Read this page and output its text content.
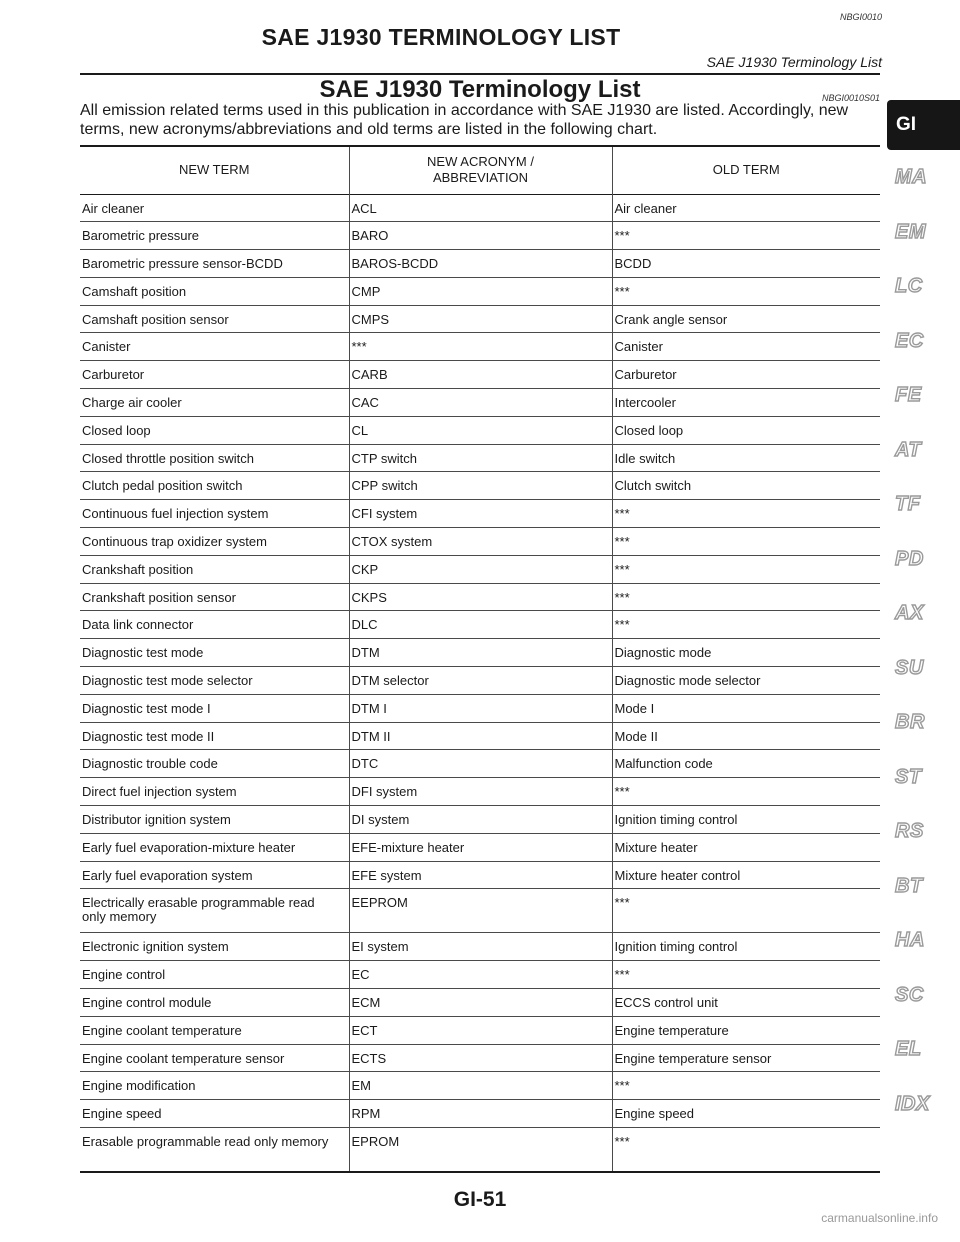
NBGI0010
SAE J1930 TERMINOLOGY LIST
SAE J1930 Terminology List
SAE J1930 Terminology List	NBGI0010S01
All emission related terms used in this publication in accordance with SAE J1930 are listed. Accordingly, new terms, new acronyms/abbreviations and old terms are listed in the following chart.
NEW TERM	NEW ACRONYM / ABBREVIATION	OLD TERM
Air cleaner	ACL	Air cleaner
Barometric pressure	BARO	***
Barometric pressure sensor-BCDD	BAROS-BCDD	BCDD
Camshaft position	CMP	***
Camshaft position sensor	CMPS	Crank angle sensor
Canister	***	Canister
Carburetor	CARB	Carburetor
Charge air cooler	CAC	Intercooler
Closed loop	CL	Closed loop
Closed throttle position switch	CTP switch	Idle switch
Clutch pedal position switch	CPP switch	Clutch switch
Continuous fuel injection system	CFI system	***
Continuous trap oxidizer system	CTOX system	***
Crankshaft position	CKP	***
Crankshaft position sensor	CKPS	***
Data link connector	DLC	***
Diagnostic test mode	DTM	Diagnostic mode
Diagnostic test mode selector	DTM selector	Diagnostic mode selector
Diagnostic test mode I	DTM I	Mode I
Diagnostic test mode II	DTM II	Mode II
Diagnostic trouble code	DTC	Malfunction code
Direct fuel injection system	DFI system	***
Distributor ignition system	DI system	Ignition timing control
Early fuel evaporation-mixture heater	EFE-mixture heater	Mixture heater
Early fuel evaporation system	EFE system	Mixture heater control
Electrically erasable programmable read only memory	EEPROM	***
Electronic ignition system	EI system	Ignition timing control
Engine control	EC	***
Engine control module	ECM	ECCS control unit
Engine coolant temperature	ECT	Engine temperature
Engine coolant temperature sensor	ECTS	Engine temperature sensor
Engine modification	EM	***
Engine speed	RPM	Engine speed
Erasable programmable read only memory	EPROM	***
GI-51
carmanualsonline.info
GI
MA
EM
LC
EC
FE
AT
TF
PD
AX
SU
BR
ST
RS
BT
HA
SC
EL
IDX
